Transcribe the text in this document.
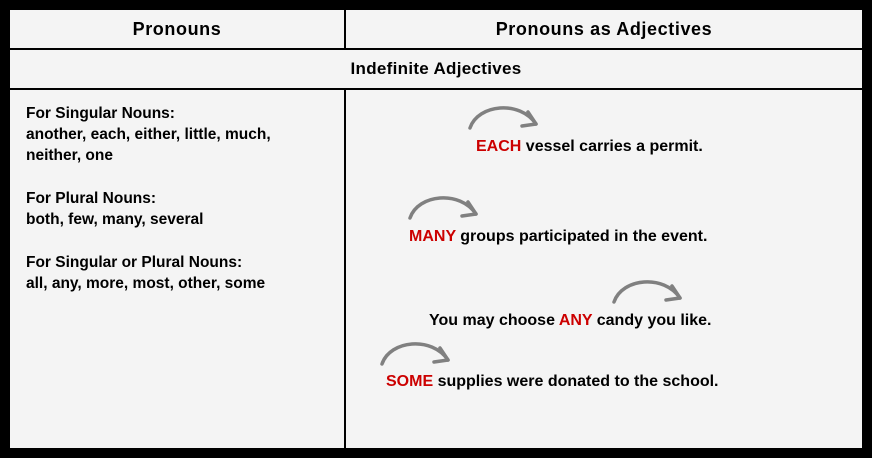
Pronouns	Pronouns as Adjectives
Indefinite Adjectives
For Singular Nouns:
another, each, either, little, much, neither, one
For Plural Nouns:
both, few, many, several
For Singular or Plural Nouns:
all, any, more, most, other, some
EACH vessel carries a permit.
MANY groups participated in the event.
You may choose ANY candy you like.
SOME supplies were donated to the school.
